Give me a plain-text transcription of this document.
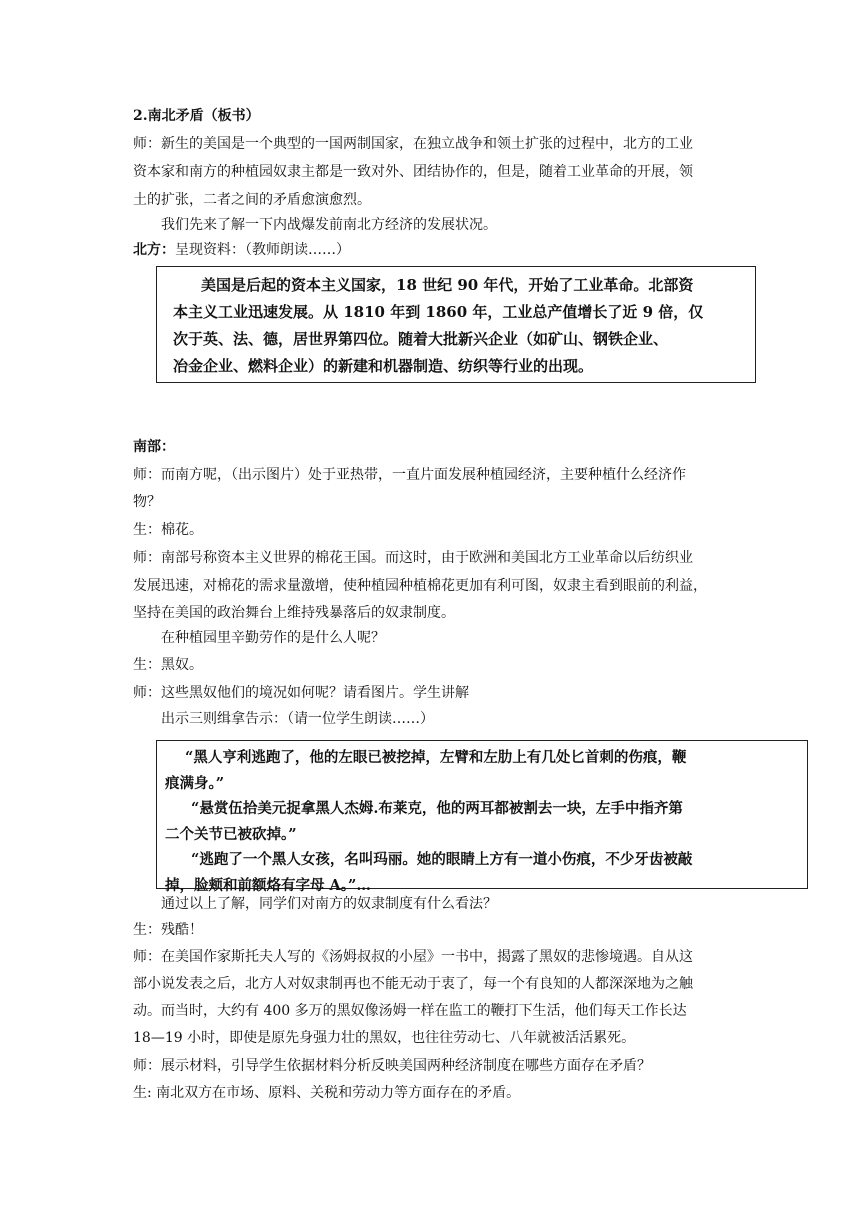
2.南北矛盾（板书）
师：新生的美国是一个典型的一国两制国家，在独立战争和领土扩张的过程中，北方的工业
资本家和南方的种植园奴隶主都是一致对外、团结协作的，但是，随着工业革命的开展，领
土的扩张，二者之间的矛盾愈演愈烈。
我们先来了解一下内战爆发前南北方经济的发展状况。
北方：呈现资料：（教师朗读……）

美国是后起的资本主义国家，18 世纪 90 年代，开始了工业革命。北部资

本主义工业迅速发展。从 1810 年到 1860 年，工业总产值增长了近 9 倍，仅

次于英、法、德，居世界第四位。随着大批新兴企业（如矿山、钢铁企业、

冶金企业、燃料企业）的新建和机器制造、纺织等行业的出现。

南部：
师：而南方呢，（出示图片）处于亚热带，一直片面发展种植园经济，主要种植什么经济作
物？
生：棉花。
师：南部号称资本主义世界的棉花王国。而这时，由于欧洲和美国北方工业革命以后纺织业
发展迅速，对棉花的需求量激增，使种植园种植棉花更加有利可图，奴隶主看到眼前的利益，
坚持在美国的政治舞台上维持残暴落后的奴隶制度。
在种植园里辛勤劳作的是什么人呢？
生：黑奴。
师：这些黑奴他们的境况如何呢？请看图片。学生讲解
出示三则缉拿告示：（请一位学生朗读……）

“黑人亨利逃跑了，他的左眼已被挖掉，左臂和左肋上有几处匕首刺的伤痕，鞭

痕满身。”

“悬赏伍拾美元捉拿黑人杰姆.布莱克，他的两耳都被割去一块，左手中指齐第

二个关节已被砍掉。”

“逃跑了一个黑人女孩，名叫玛丽。她的眼睛上方有一道小伤痕，不少牙齿被敲

掉，脸颊和前额烙有字母 A。”…

通过以上了解，同学们对南方的奴隶制度有什么看法？
生：残酷！
师：在美国作家斯托夫人写的《汤姆叔叔的小屋》一书中，揭露了黑奴的悲惨境遇。自从这
部小说发表之后，北方人对奴隶制再也不能无动于衷了，每一个有良知的人都深深地为之触
动。而当时，大约有 400 多万的黑奴像汤姆一样在监工的鞭打下生活，他们每天工作长达
18—19 小时，即使是原先身强力壮的黑奴，也往往劳动七、八年就被活活累死。
师：展示材料，引导学生依据材料分析反映美国两种经济制度在哪些方面存在矛盾？
生: 南北双方在市场、原料、关税和劳动力等方面存在的矛盾。
